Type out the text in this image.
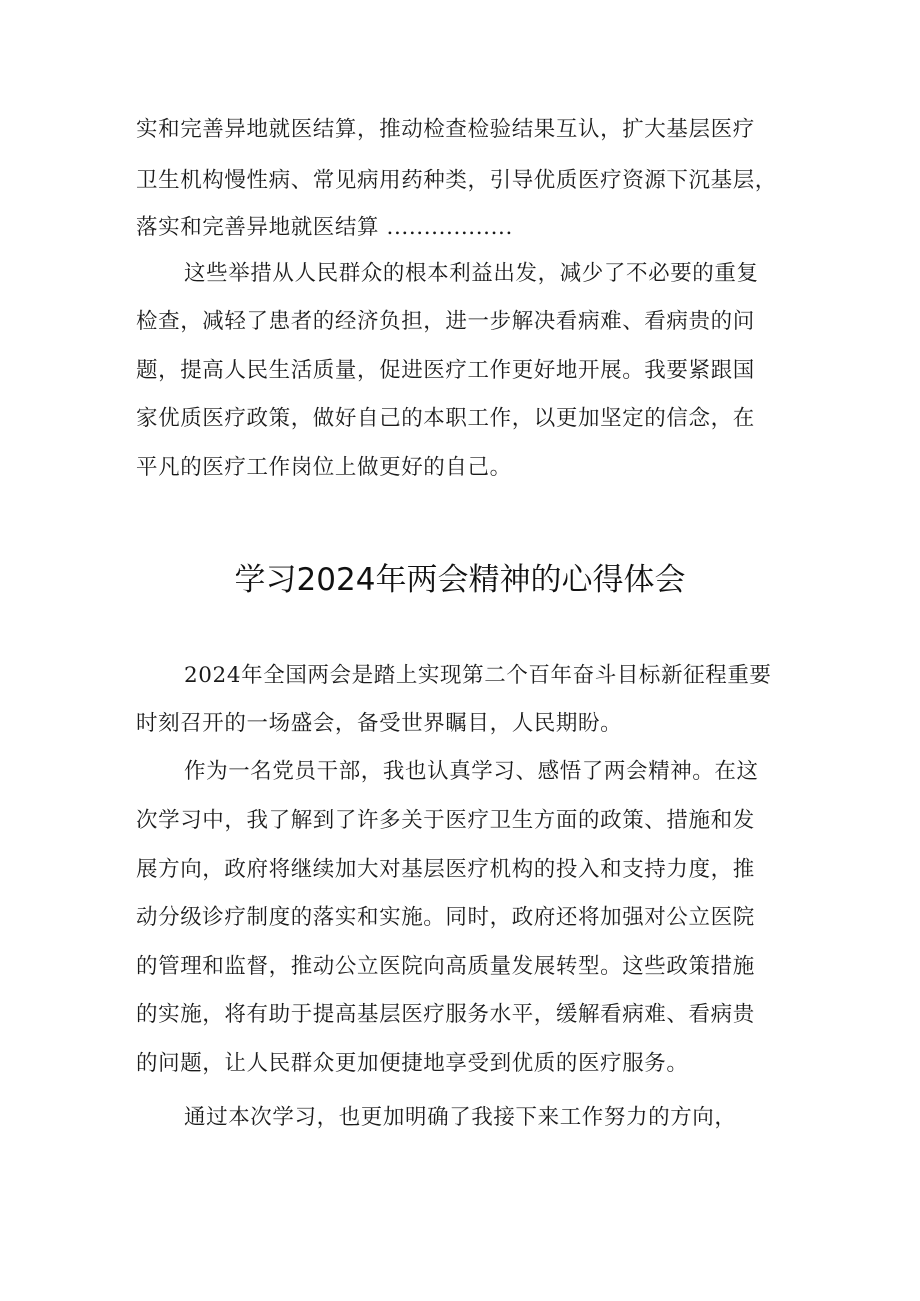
实和完善异地就医结算，推动检查检验结果互认，扩大基层医疗
卫生机构慢性病、常见病用药种类，引导优质医疗资源下沉基层，
落实和完善异地就医结算 .................
这些举措从人民群众的根本利益出发，减少了不必要的重复
检查，减轻了患者的经济负担，进一步解决看病难、看病贵的问
题，提高人民生活质量，促进医疗工作更好地开展。我要紧跟国
家优质医疗政策，做好自己的本职工作，以更加坚定的信念，在
平凡的医疗工作岗位上做更好的自己。
学习2024年两会精神的心得体会
2024年全国两会是踏上实现第二个百年奋斗目标新征程重要
时刻召开的一场盛会，备受世界瞩目，人民期盼。
作为一名党员干部，我也认真学习、感悟了两会精神。在这
次学习中，我了解到了许多关于医疗卫生方面的政策、措施和发
展方向，政府将继续加大对基层医疗机构的投入和支持力度，推
动分级诊疗制度的落实和实施。同时，政府还将加强对公立医院
的管理和监督，推动公立医院向高质量发展转型。这些政策措施
的实施，将有助于提高基层医疗服务水平，缓解看病难、看病贵
的问题，让人民群众更加便捷地享受到优质的医疗服务。
通过本次学习，也更加明确了我接下来工作努力的方向，
